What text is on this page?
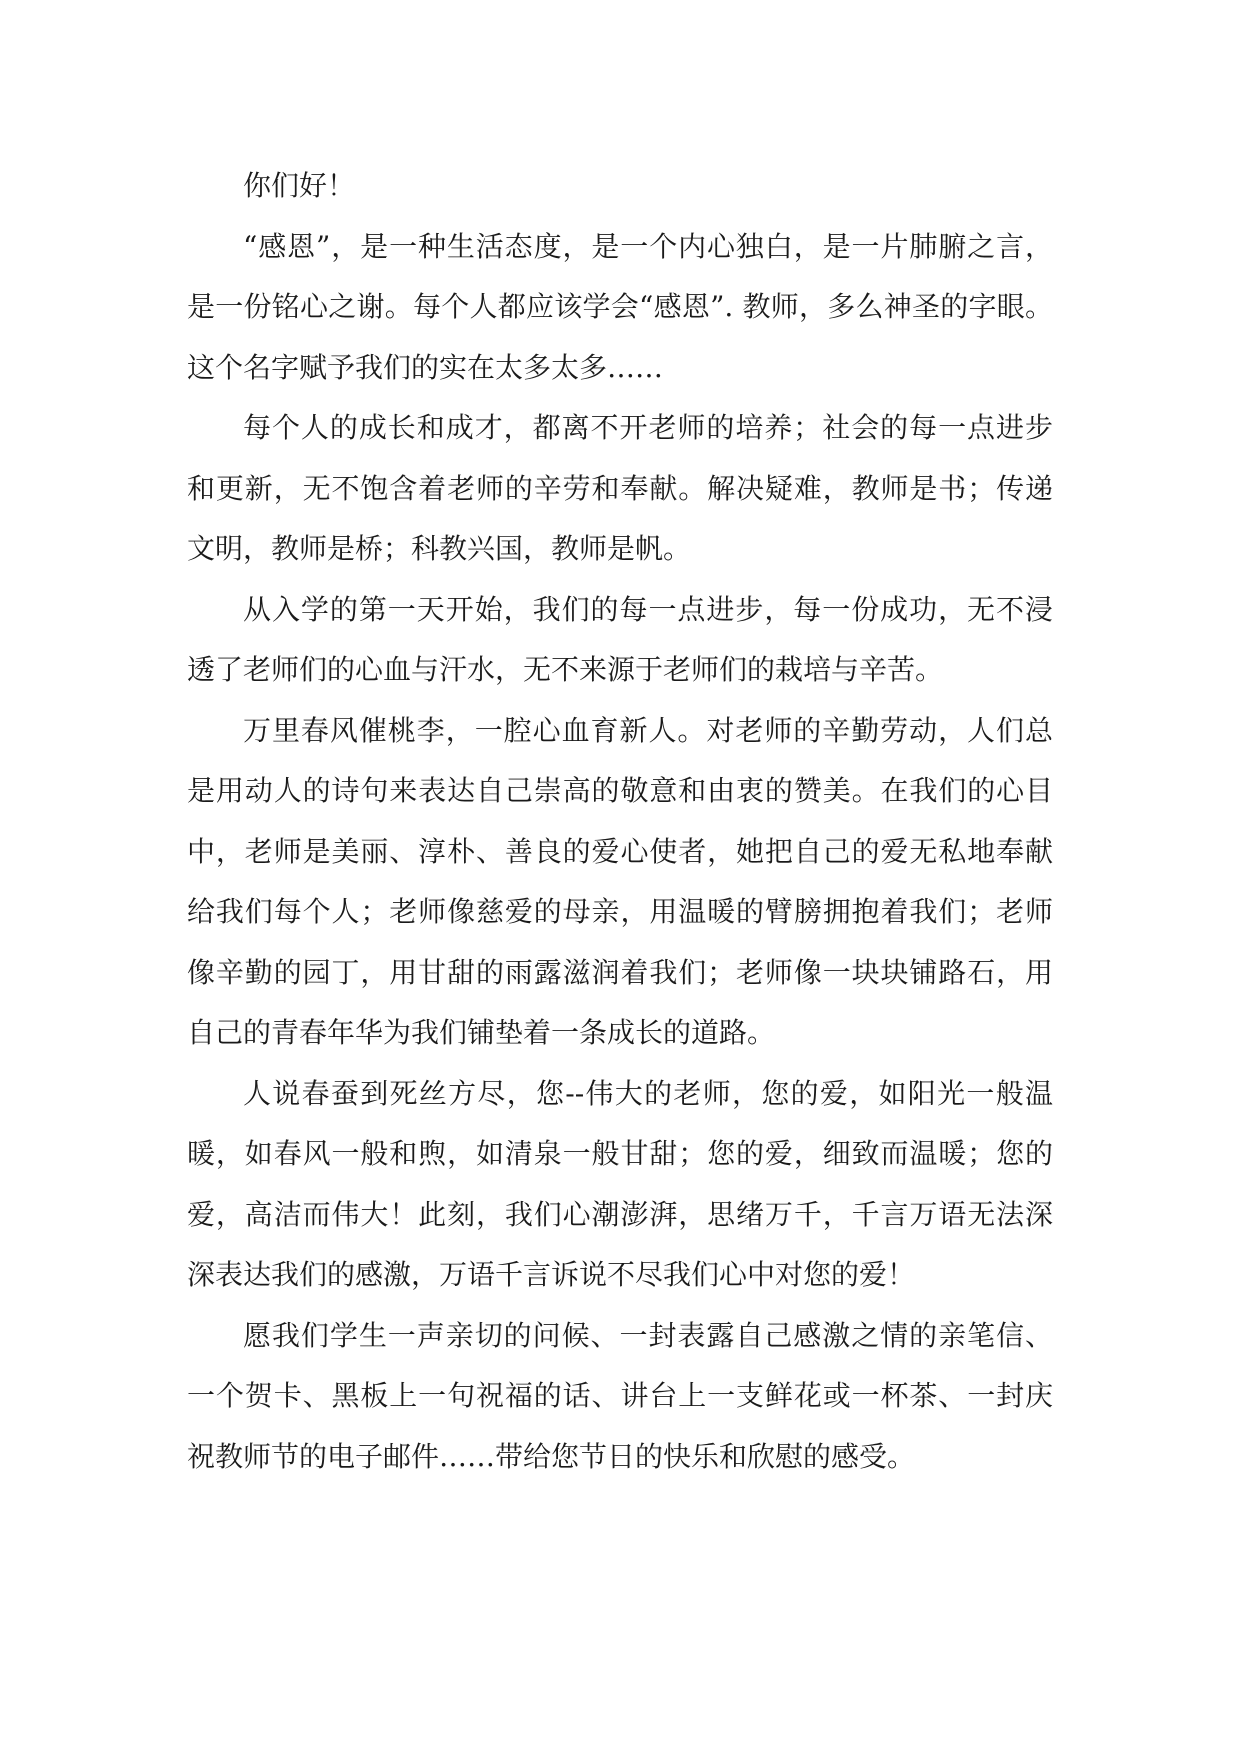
你们好！

“感恩”，是一种生活态度，是一个内心独白，是一片肺腑之言，是一份铭心之谢。每个人都应该学会“感恩”. 教师，多么神圣的字眼。这个名字赋予我们的实在太多太多……

每个人的成长和成才，都离不开老师的培养；社会的每一点进步和更新，无不饱含着老师的辛劳和奉献。解决疑难，教师是书；传递文明，教师是桥；科教兴国，教师是帆。

从入学的第一天开始，我们的每一点进步，每一份成功，无不浸透了老师们的心血与汗水，无不来源于老师们的栽培与辛苦。

万里春风催桃李，一腔心血育新人。对老师的辛勤劳动，人们总是用动人的诗句来表达自己崇高的敬意和由衷的赞美。在我们的心目中，老师是美丽、淳朴、善良的爱心使者，她把自己的爱无私地奉献给我们每个人；老师像慈爱的母亲，用温暖的臂膀拥抱着我们；老师像辛勤的园丁，用甘甜的雨露滋润着我们；老师像一块块铺路石，用自己的青春年华为我们铺垫着一条成长的道路。

人说春蚕到死丝方尽，您--伟大的老师，您的爱，如阳光一般温暖，如春风一般和煦，如清泉一般甘甜；您的爱，细致而温暖；您的爱，高洁而伟大！此刻，我们心潮澎湃，思绪万千，千言万语无法深深表达我们的感激，万语千言诉说不尽我们心中对您的爱！

愿我们学生一声亲切的问候、一封表露自己感激之情的亲笔信、一个贺卡、黑板上一句祝福的话、讲台上一支鲜花或一杯茶、一封庆祝教师节的电子邮件……带给您节日的快乐和欣慰的感受。
